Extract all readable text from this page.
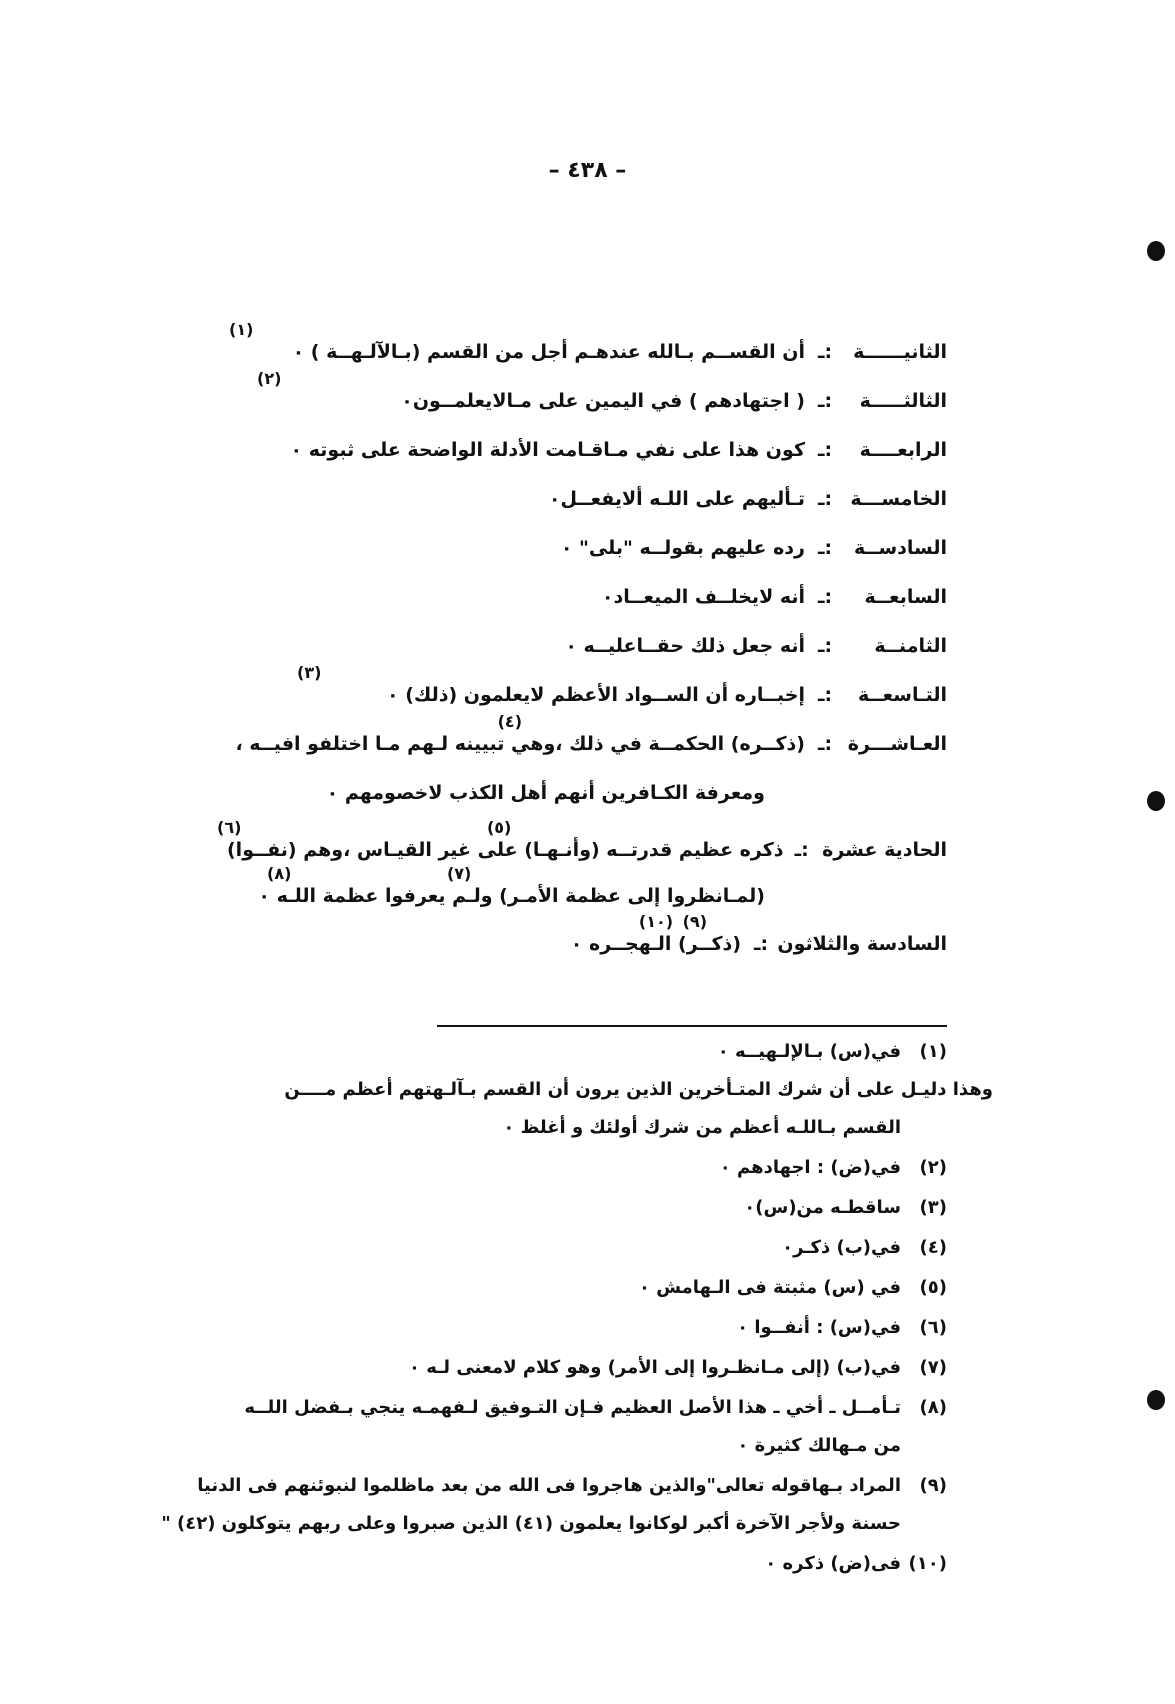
– ٤٣٨ –
الثانيــــــة
:ـ
أن القســم بـالله عندهـم أجل من القسم (بـالآلـهــة ) ٠
(١)
الثالثـــــة
:ـ
( اجتهادهم ) في اليمين على مـالايعلمــون٠
(٢)
الرابعــــة
:ـ
كون هذا على نفي مـاقـامت الأدلة الواضحة على ثبوته ٠
الخامســـة
:ـ
تـأليهم على اللـه ألايفعــل٠
السادســة
:ـ
رده عليهم بقولــه "بلى" ٠
السابعــة
:ـ
أنه لايخلــف الميعــاد٠
الثامنــة
:ـ
أنه جعل ذلك حقــاعليــه ٠
التـاسعــة
:ـ
إخبــاره أن الســواد الأعظم لايعلمون (ذلك) ٠
(٣)
العـاشـــرة
:ـ
(ذكــره) الحكمــة في ذلك ،وهي تبيينه لـهم مـا اختلفو افيــه ،
(٤)
ومعرفة الكـافرين أنهم أهل الكذب لاخصومهم ٠
الحادية عشرة
:ـ
ذكره عظيم قدرتــه (وأنـهـا) على غير القيـاس ،وهم (نفــوا)
(٥) (٦)
(لمـانظروا إلى عظمة الأمـر) ولـم يعرفوا عظمة اللـه ٠
(٧) (٨)
السادسة والثلاثون
:ـ
(ذكــر) الـهجــره ٠
(٩) (١٠)
(١)في(س) بـالإلـهيــه ٠
وهذا دليـل على أن شرك المتـأخرين الذين يرون أن القسم بـآلـهتهم أعظم مــــن
القسم بـاللـه أعظم من شرك أولئك و أغلظ ٠
(٢)في(ض) : اجهادهم ٠
(٣)ساقطـه من(س)٠
(٤)في(ب) ذكـر٠
(٥)في (س) مثبتة فى الـهامش ٠
(٦)في(س) : أنفــوا ٠
(٧)في(ب) (إلى مـانظـروا إلى الأمر) وهو كلام لامعنى لـه ٠
(٨)تـأمــل ـ أخي ـ هذا الأصل العظيم فـإن التـوفيق لـفهمـه ينجي بـفضل اللــه
من مـهالك كثيرة ٠
(٩)المراد بـهاقوله تعالى"والذين هاجروا فى الله من بعد ماظلموا لنبوئنهم فى الدنيا
حسنة ولأجر الآخرة أكبر لوكانوا يعلمون (٤١) الذين صبروا وعلى ربهم يتوكلون (٤٢) "
(١٠)فى(ض) ذكره ٠
